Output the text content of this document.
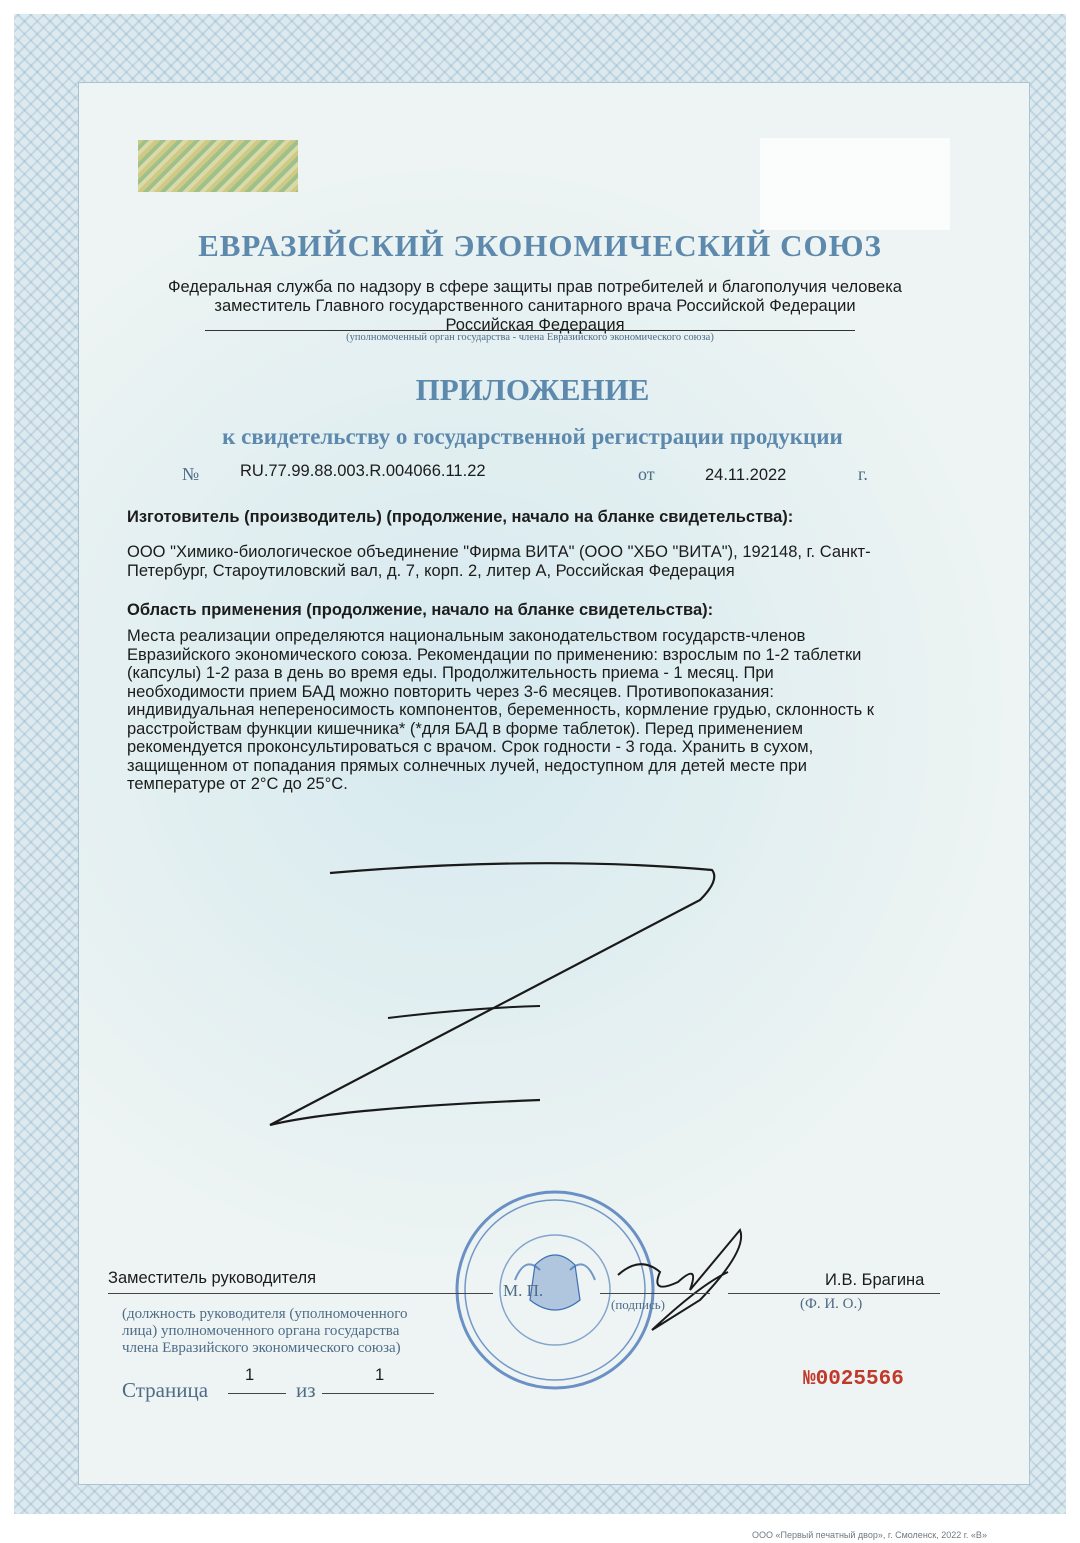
ЕВРАЗИЙСКИЙ ЭКОНОМИЧЕСКИЙ СОЮЗ
Федеральная служба по надзору в сфере защиты прав потребителей и благополучия человека
заместитель Главного государственного санитарного врача Российской Федерации
Российская Федерация
(уполномоченный орган государства - члена Евразийского экономического союза)
ПРИЛОЖЕНИЕ
к свидетельству о государственной регистрации продукции
№ RU.77.99.88.003.R.004066.11.22	от	24.11.2022	г.
Изготовитель (производитель) (продолжение, начало на бланке свидетельства):
ООО "Химико-биологическое объединение "Фирма ВИТА" (ООО "ХБО "ВИТА"), 192148, г. Санкт-
Петербург, Староутиловский вал, д. 7, корп. 2, литер А, Российская Федерация
Область применения (продолжение, начало на бланке свидетельства):
Места реализации определяются национальным законодательством государств-членов
Евразийского экономического союза. Рекомендации по применению: взрослым по 1-2 таблетки
(капсулы) 1-2 раза в день во время еды. Продолжительность приема - 1 месяц. При
необходимости прием БАД можно повторить через 3-6 месяцев. Противопоказания:
индивидуальная непереносимость компонентов, беременность, кормление грудью, склонность к
расстройствам функции кишечника* (*для БАД в форме таблеток). Перед применением
рекомендуется проконсультироваться с врачом. Срок годности - 3 года. Хранить в сухом,
защищенном от попадания прямых солнечных лучей, недоступном для детей месте при
температуре от 2°С до 25°С.
Заместитель руководителя
(должность руководителя (уполномоченного
лица) уполномоченного органа государства
члена Евразийского экономического союза)
М. П.
(подпись)
И.В. Брагина
(Ф. И. О.)
Страница
1
из
1	№0025566
ООО «Первый печатный двор», г. Смоленск, 2022 г. «В»
